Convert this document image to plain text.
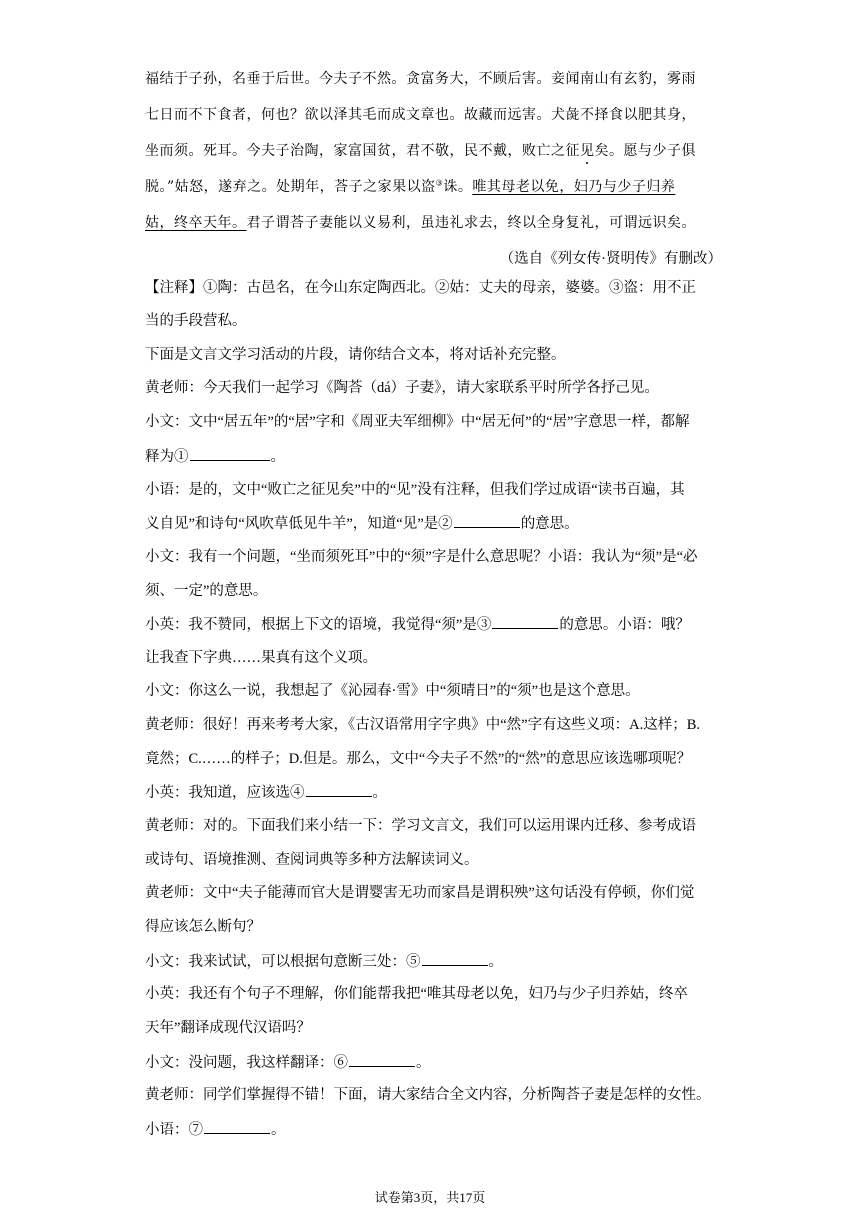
福结于子孙，名垂于后世。今夫子不然。贪富务大，不顾后害。妾闻南山有玄豹，雾雨
七日而不下食者，何也？欲以泽其毛而成文章也。故藏而远害。犬彘不择食以肥其身，
坐而须。死耳。今夫子治陶，家富国贫，君不敬，民不戴，败亡之征见矣。愿与少子俱
脱。”姑怒，遂弃之。处期年，荅子之家果以盗③诛。唯其母老以免，妇乃与少子归养
姑，终卒天年。君子谓荅子妻能以义易利，虽违礼求去，终以全身复礼，可谓远识矣。
（选自《列女传·贤明传》有删改）
【注释】①陶：古邑名，在今山东定陶西北。②姑：丈夫的母亲，婆婆。③盗：用不正
当的手段营私。
下面是文言文学习活动的片段，请你结合文本，将对话补充完整。
黄老师：今天我们一起学习《陶荅（dá）子妻》，请大家联系平时所学各抒己见。
小文：文中“居五年”的“居”字和《周亚夫军细柳》中“居无何”的“居”字意思一样，都解
释为①	。
小语：是的，文中“败亡之征见矣”中的“见”没有注释，但我们学过成语“读书百遍，其
义自见”和诗句“风吹草低见牛羊”，知道“见”是②	的意思。
小文：我有一个问题，“坐而须死耳”中的“须”字是什么意思呢？小语：我认为“须”是“必
须、一定”的意思。
小英：我不赞同，根据上下文的语境，我觉得“须”是③	的意思。小语：哦？
让我查下字典……果真有这个义项。
小文：你这么一说，我想起了《沁园春·雪》中“须晴日”的“须”也是这个意思。
黄老师：很好！再来考考大家，《古汉语常用字字典》中“然”字有这些义项：A.这样；B.
竟然；C.……的样子；D.但是。那么，文中“今夫子不然”的“然”的意思应该选哪项呢？
小英：我知道，应该选④	。
黄老师：对的。下面我们来小结一下：学习文言文，我们可以运用课内迁移、参考成语
或诗句、语境推测、查阅词典等多种方法解读词义。
黄老师：文中“夫子能薄而官大是谓婴害无功而家昌是谓积殃”这句话没有停顿，你们觉
得应该怎么断句？
小文：我来试试，可以根据句意断三处：⑤	。
小英：我还有个句子不理解，你们能帮我把“唯其母老以免，妇乃与少子归养姑，终卒
天年”翻译成现代汉语吗？
小文：没问题，我这样翻译：⑥	。
黄老师：同学们掌握得不错！下面，请大家结合全文内容，分析陶荅子妻是怎样的女性。
小语：⑦	。
试卷第3页，共17页
